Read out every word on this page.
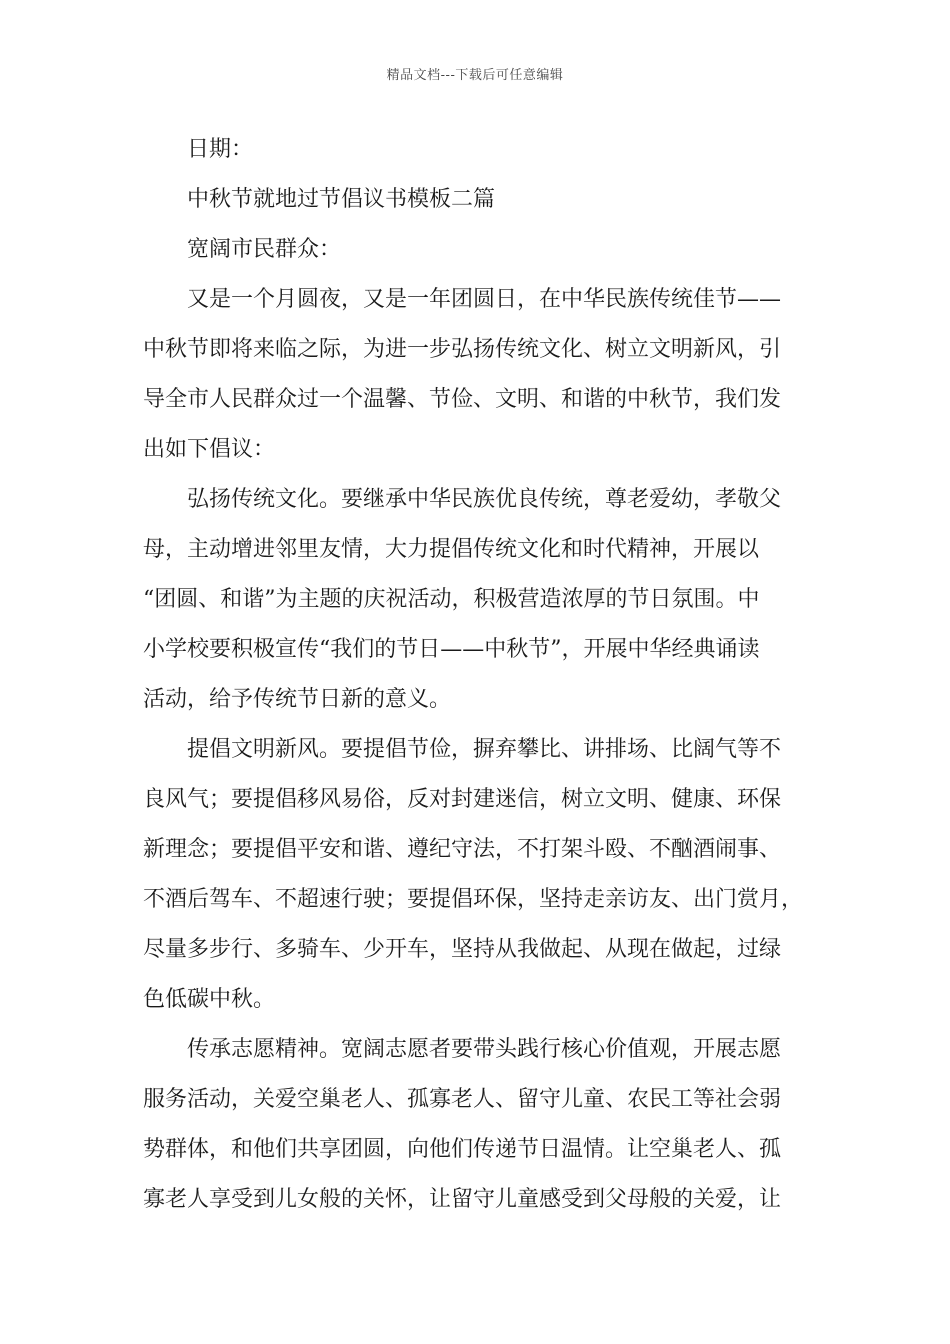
精品文档---下载后可任意编辑
日期：
中秋节就地过节倡议书模板二篇
宽阔市民群众：
又是一个月圆夜，又是一年团圆日，在中华民族传统佳节——
中秋节即将来临之际，为进一步弘扬传统文化、树立文明新风，引
导全市人民群众过一个温馨、节俭、文明、和谐的中秋节，我们发
出如下倡议：
弘扬传统文化。要继承中华民族优良传统，尊老爱幼，孝敬父
母，主动增进邻里友情，大力提倡传统文化和时代精神，开展以
“团圆、和谐”为主题的庆祝活动，积极营造浓厚的节日氛围。中
小学校要积极宣传“我们的节日——中秋节”，开展中华经典诵读
活动，给予传统节日新的意义。
提倡文明新风。要提倡节俭，摒弃攀比、讲排场、比阔气等不
良风气；要提倡移风易俗，反对封建迷信，树立文明、健康、环保
新理念；要提倡平安和谐、遵纪守法，不打架斗殴、不酗酒闹事、
不酒后驾车、不超速行驶；要提倡环保，坚持走亲访友、出门赏月，
尽量多步行、多骑车、少开车，坚持从我做起、从现在做起，过绿
色低碳中秋。
传承志愿精神。宽阔志愿者要带头践行核心价值观，开展志愿
服务活动，关爱空巢老人、孤寡老人、留守儿童、农民工等社会弱
势群体，和他们共享团圆，向他们传递节日温情。让空巢老人、孤
寡老人享受到儿女般的关怀，让留守儿童感受到父母般的关爱，让
